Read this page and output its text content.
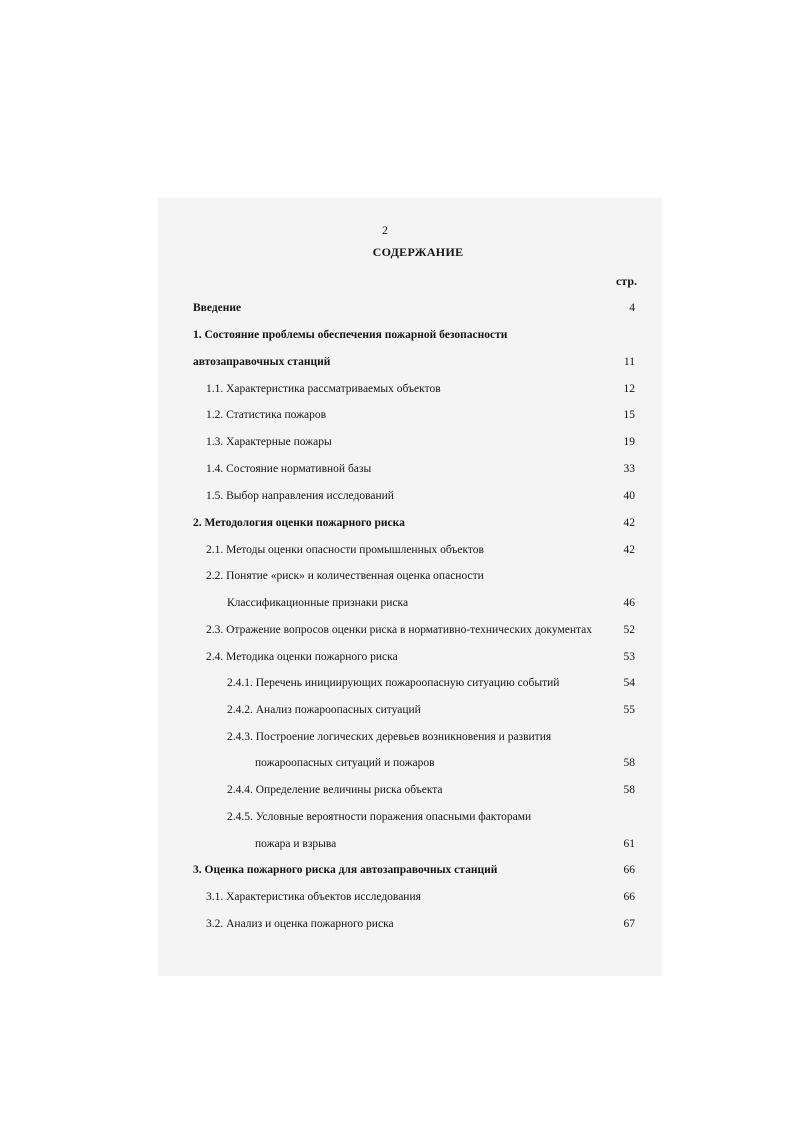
2
СОДЕРЖАНИЕ
стр.
Введение	4
1. Состояние проблемы обеспечения пожарной безопасности
автозаправочных станций	11
1.1. Характеристика рассматриваемых объектов	12
1.2. Статистика пожаров	15
1.3. Характерные пожары	19
1.4. Состояние нормативной базы	33
1.5. Выбор направления исследований	40
2. Методология оценки пожарного риска	42
2.1. Методы оценки опасности промышленных объектов	42
2.2. Понятие «риск» и количественная оценка опасности
Классификационные признаки риска	46
2.3. Отражение вопросов оценки риска в нормативно-технических документах	52
2.4. Методика оценки пожарного риска	53
2.4.1. Перечень инициирующих пожароопасную ситуацию событий	54
2.4.2. Анализ пожароопасных ситуаций	55
2.4.3. Построение логических деревьев возникновения и развития
пожароопасных ситуаций и пожаров	58
2.4.4. Определение величины риска объекта	58
2.4.5. Условные вероятности поражения опасными факторами
пожара и взрыва	61
3. Оценка пожарного риска для автозаправочных станций	66
3.1. Характеристика объектов исследования	66
3.2. Анализ и оценка пожарного риска	67
